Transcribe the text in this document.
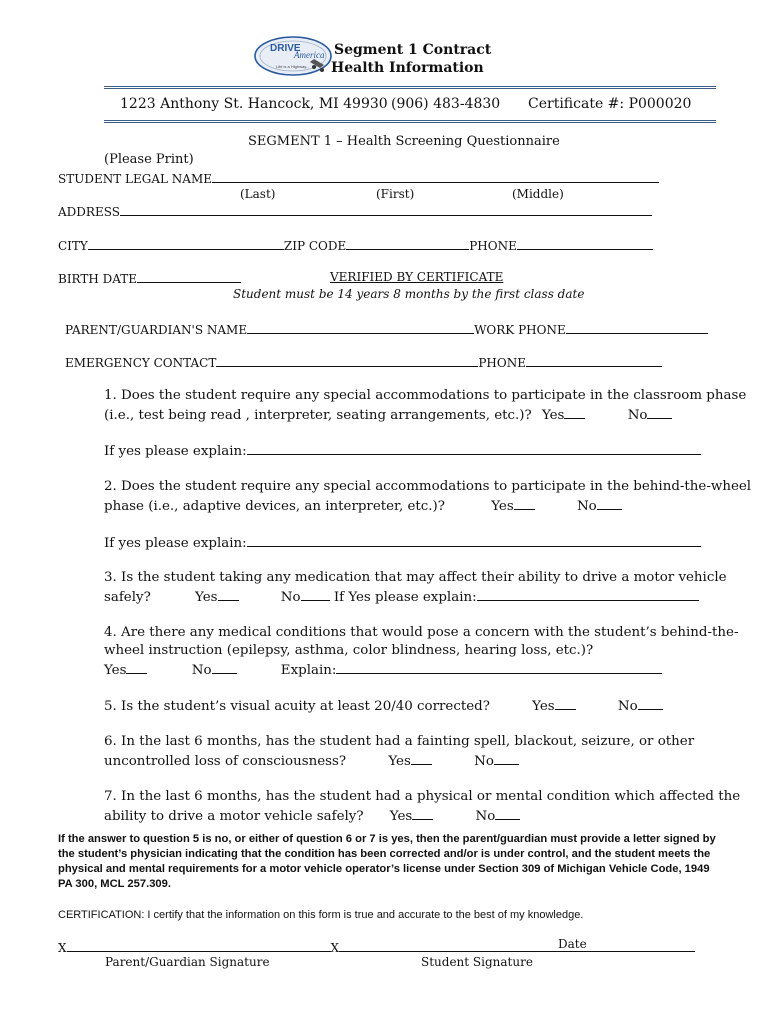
DRIVE
America
Life is a Highway...
Segment 1 Contract
Health Information
1223 Anthony St. Hancock, MI 49930 (906) 483-4830 Certificate #: P000020
SEGMENT 1 – Health Screening Questionnaire
(Please Print)
STUDENT LEGAL NAME
(Last)	(First)	(Middle)
ADDRESS
CITY	ZIP CODE	PHONE
BIRTH DATE	VERIFIED BY CERTIFICATE
Student must be 14 years 8 months by the first class date
PARENT/GUARDIAN'S NAME	WORK PHONE
EMERGENCY CONTACT	PHONE
1. Does the student require any special accommodations to participate in the classroom phase
(i.e., test being read , interpreter, seating arrangements, etc.)? Yes	No
If yes please explain:
2. Does the student require any special accommodations to participate in the behind-the-wheel
phase (i.e., adaptive devices, an interpreter, etc.)?	Yes	No
If yes please explain:
3. Is the student taking any medication that may affect their ability to drive a motor vehicle
safely?	Yes	No If Yes please explain:
4. Are there any medical conditions that would pose a concern with the student’s behind-the-
wheel instruction (epilepsy, asthma, color blindness, hearing loss, etc.)?
Yes	No	Explain:
5. Is the student’s visual acuity at least 20/40 corrected?	Yes	No
6. In the last 6 months, has the student had a fainting spell, blackout, seizure, or other
uncontrolled loss of consciousness?	Yes	No
7. In the last 6 months, has the student had a physical or mental condition which affected the
ability to drive a motor vehicle safely? Yes	No
If the answer to question 5 is no, or either of question 6 or 7 is yes, then the parent/guardian must provide a letter signed by the student’s physician indicating that the condition has been corrected and/or is under control, and the student meets the physical and mental requirements for a motor vehicle operator’s license under Section 309 of Michigan Vehicle Code, 1949 PA 300, MCL 257.309.
CERTIFICATION: I certify that the information on this form is true and accurate to the best of my knowledge.
X	X	Date
Parent/Guardian Signature	Student Signature
